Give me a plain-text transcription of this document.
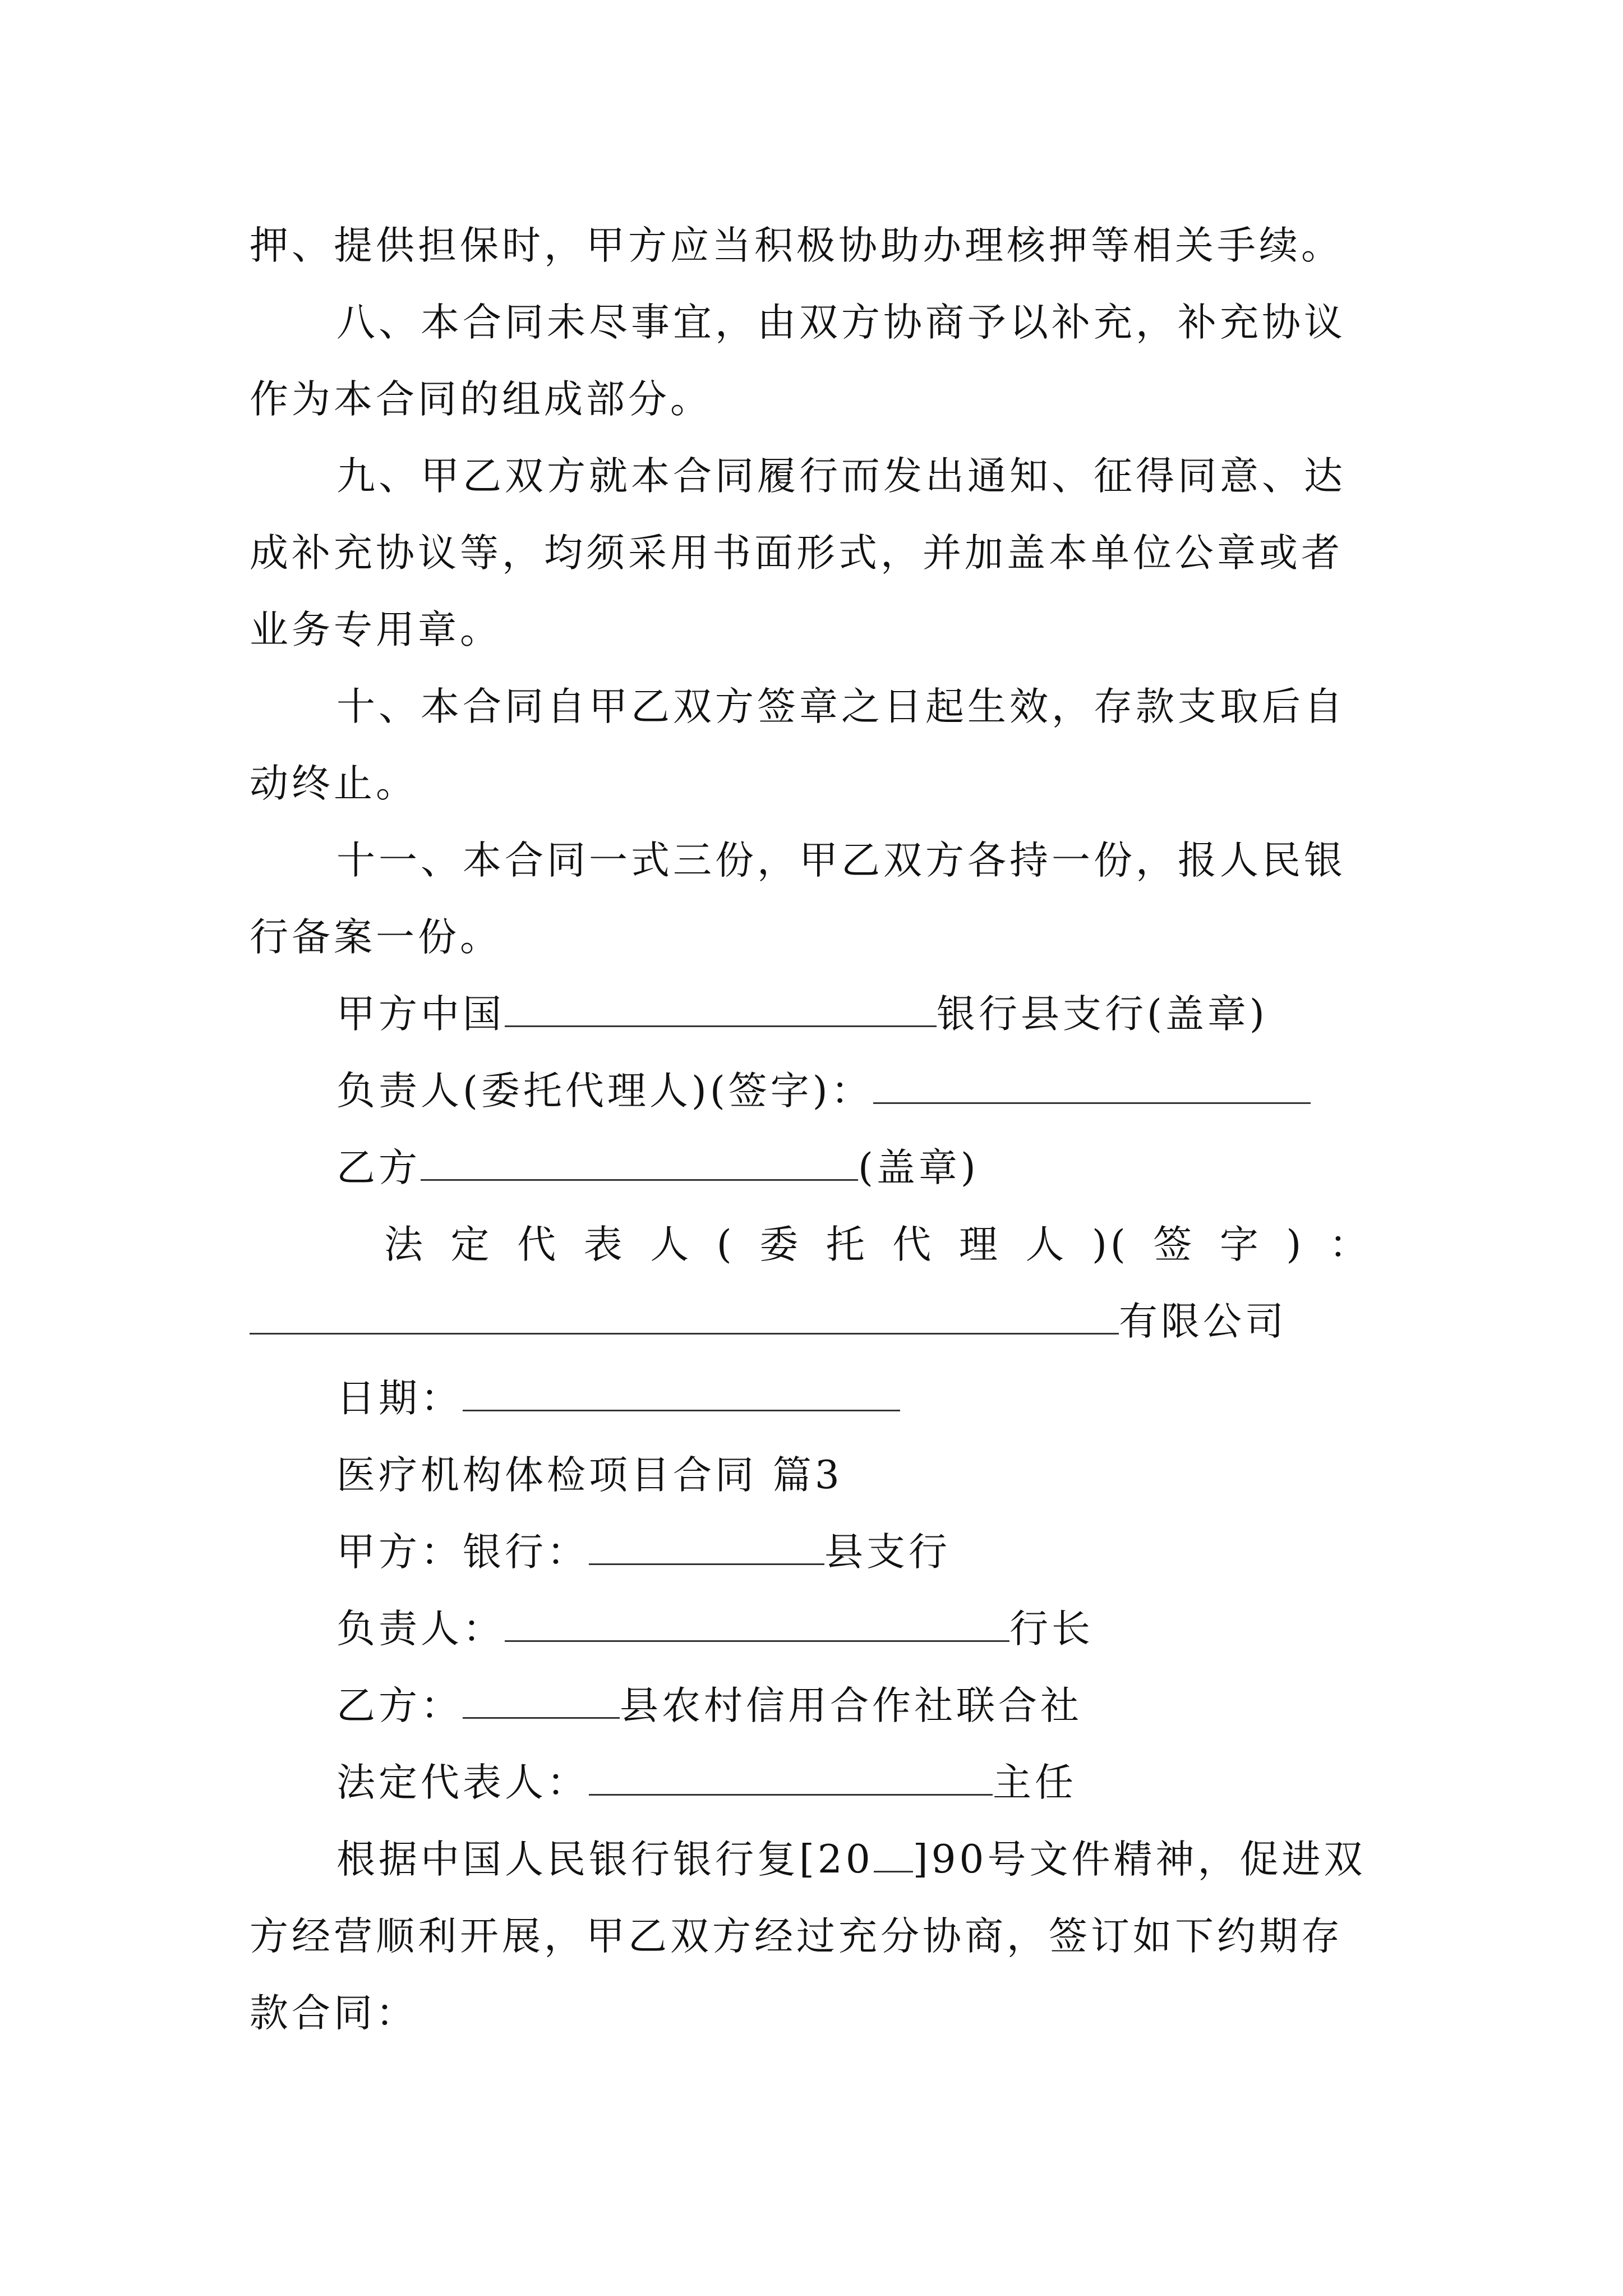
押、提供担保时，甲方应当积极协助办理核押等相关手续。
八、本合同未尽事宜，由双方协商予以补充，补充协议
作为本合同的组成部分。
九、甲乙双方就本合同履行而发出通知、征得同意、达
成补充协议等，均须采用书面形式，并加盖本单位公章或者
业务专用章。
十、本合同自甲乙双方签章之日起生效，存款支取后自
动终止。
十一、本合同一式三份，甲乙双方各持一份，报人民银
行备案一份。
甲方中国	银行县支行(盖章)
负责人(委托代理人)(签字)：
乙方	(盖章)
法 定 代 表 人 ( 委 托 代 理 人 )( 签 字 ) ：
有限公司
日期：
医疗机构体检项目合同 篇3
甲方：银行：	县支行
负责人：	行长
乙方：	县农村信用合作社联合社
法定代表人：	主任
根据中国人民银行银行复[20 ]90号文件精神，促进双
方经营顺利开展，甲乙双方经过充分协商，签订如下约期存
款合同：
